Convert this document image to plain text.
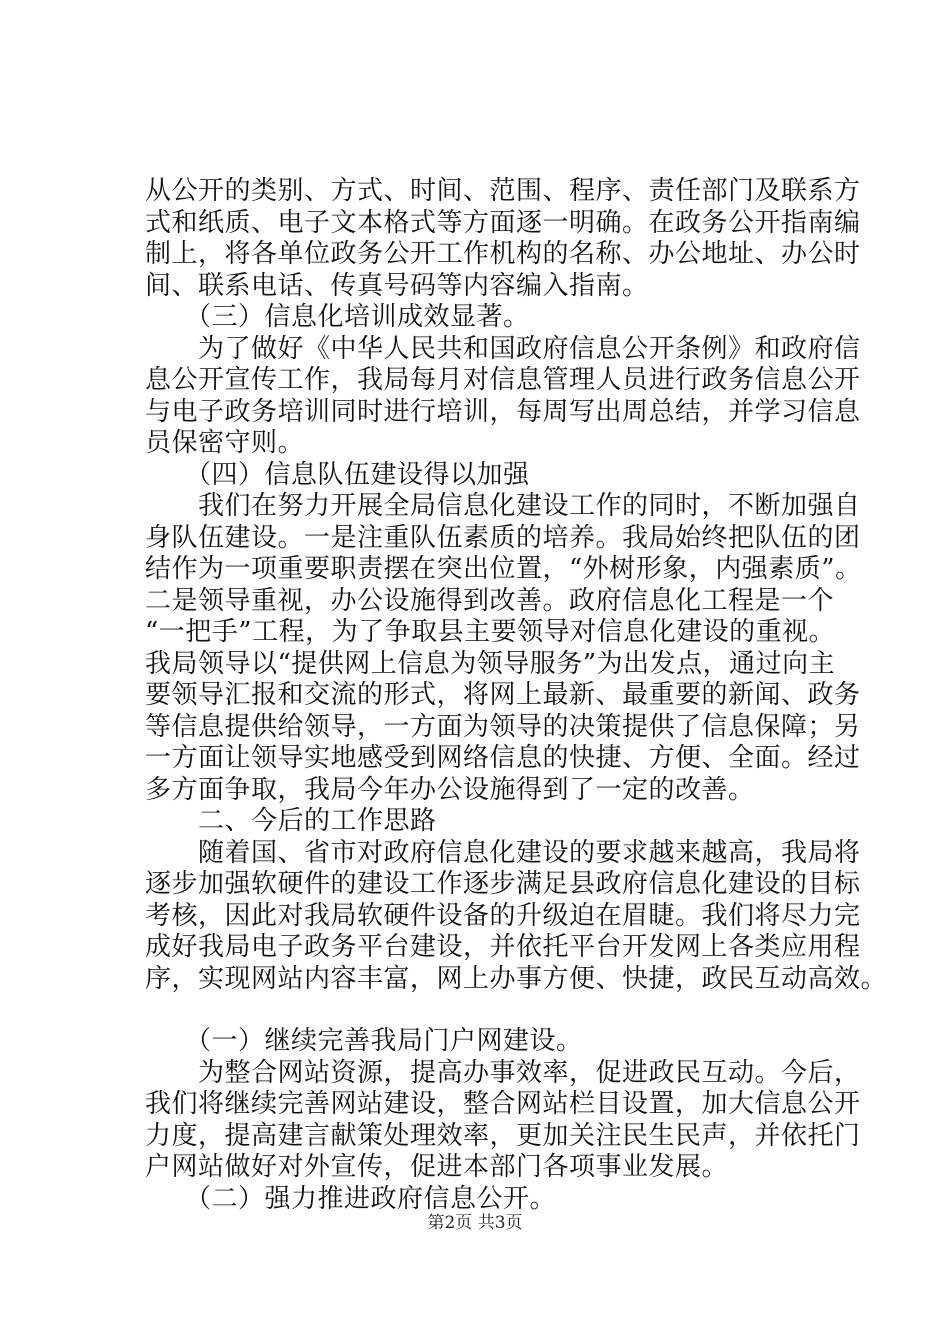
从公开的类别、方式、时间、范围、程序、责任部门及联系方
式和纸质、电子文本格式等方面逐一明确。在政务公开指南编
制上，将各单位政务公开工作机构的名称、办公地址、办公时
间、联系电话、传真号码等内容编入指南。
　　（三）信息化培训成效显著。
　　为了做好《中华人民共和国政府信息公开条例》和政府信
息公开宣传工作，我局每月对信息管理人员进行政务信息公开
与电子政务培训同时进行培训，每周写出周总结，并学习信息
员保密守则。
　　（四）信息队伍建设得以加强
　　我们在努力开展全局信息化建设工作的同时，不断加强自
身队伍建设。一是注重队伍素质的培养。我局始终把队伍的团
结作为一项重要职责摆在突出位置，“外树形象，内强素质”。
二是领导重视，办公设施得到改善。政府信息化工程是一个
“一把手”工程，为了争取县主要领导对信息化建设的重视。
我局领导以“提供网上信息为领导服务”为出发点，通过向主
要领导汇报和交流的形式，将网上最新、最重要的新闻、政务
等信息提供给领导，一方面为领导的决策提供了信息保障；另
一方面让领导实地感受到网络信息的快捷、方便、全面。经过
多方面争取，我局今年办公设施得到了一定的改善。
　　二、今后的工作思路
　　随着国、省市对政府信息化建设的要求越来越高，我局将
逐步加强软硬件的建设工作逐步满足县政府信息化建设的目标
考核，因此对我局软硬件设备的升级迫在眉睫。我们将尽力完
成好我局电子政务平台建设，并依托平台开发网上各类应用程
序，实现网站内容丰富，网上办事方便、快捷，政民互动高效。
　　（一）继续完善我局门户网建设。
　　为整合网站资源，提高办事效率，促进政民互动。今后，
我们将继续完善网站建设，整合网站栏目设置，加大信息公开
力度，提高建言献策处理效率，更加关注民生民声，并依托门
户网站做好对外宣传，促进本部门各项事业发展。
　　（二）强力推进政府信息公开。
第2页 共3页
